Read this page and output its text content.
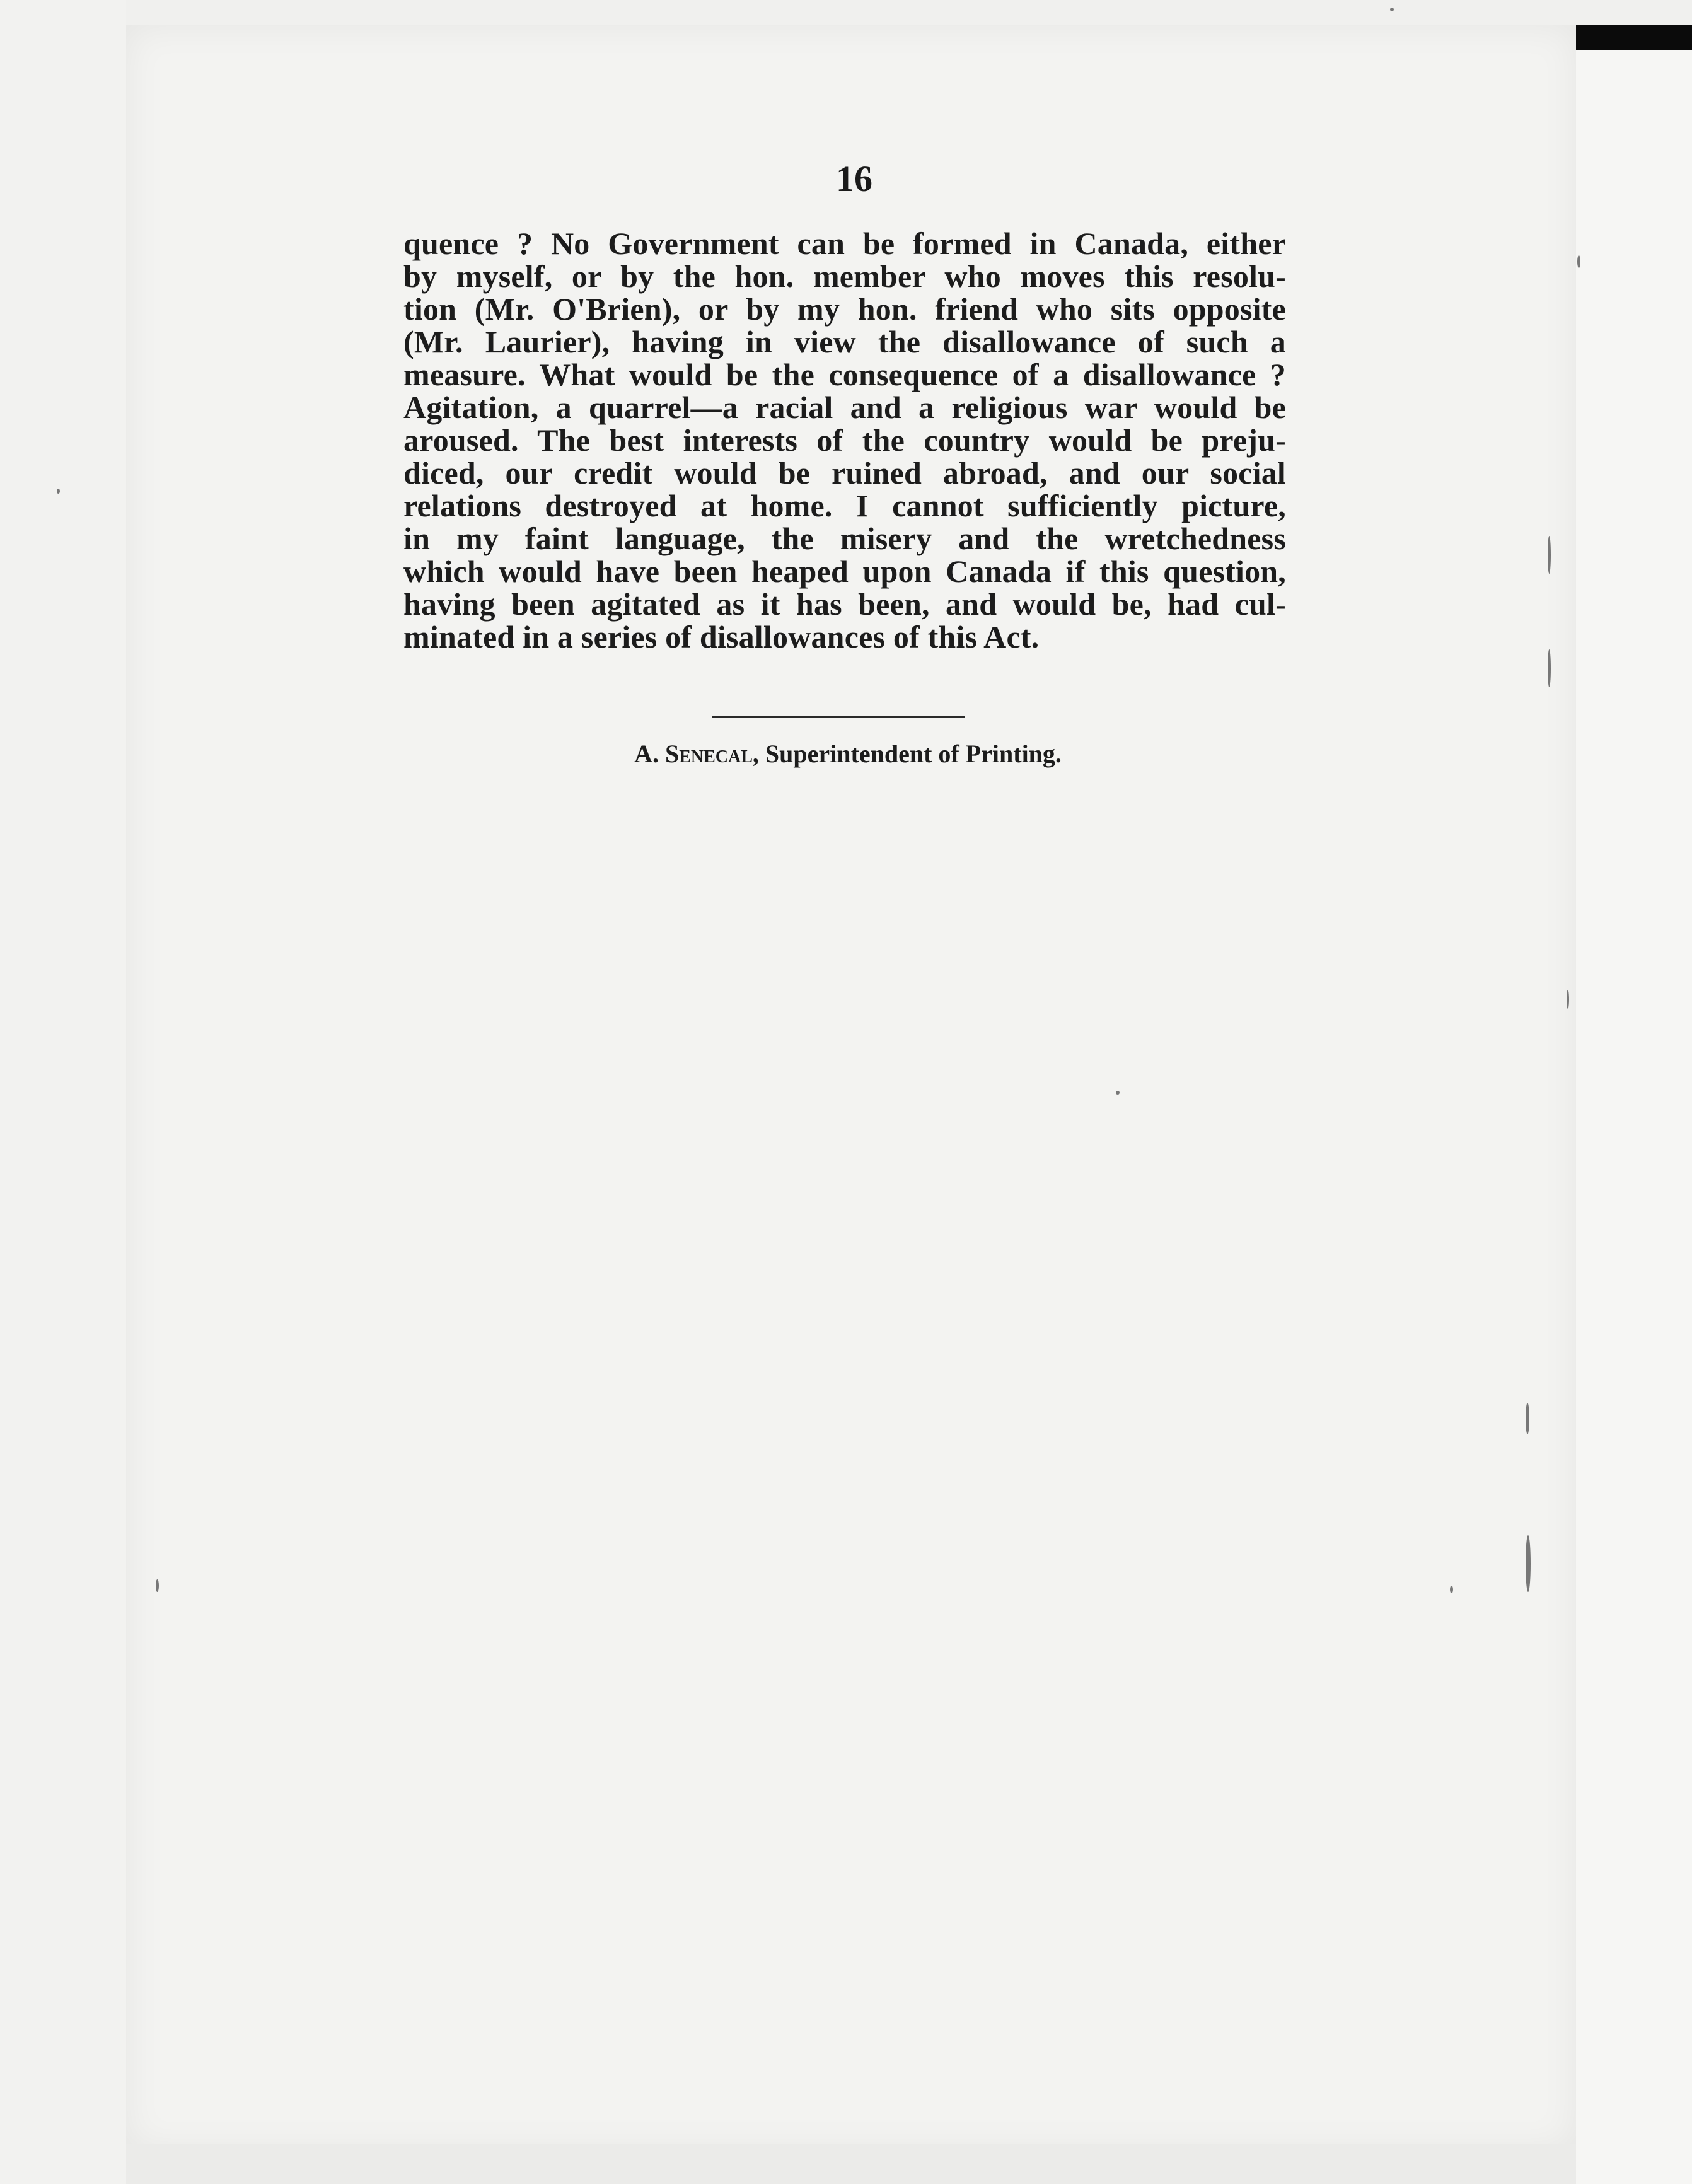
16

quence ? No Government can be formed in Canada, either
by myself, or by the hon. member who moves this resolu-
tion (Mr. O'Brien), or by my hon. friend who sits opposite
(Mr. Laurier), having in view the disallowance of such a
measure. What would be the consequence of a disallowance ?
Agitation, a quarrel—a racial and a religious war would be
aroused. The best interests of the country would be preju-
diced, our credit would be ruined abroad, and our social
relations destroyed at home. I cannot sufficiently picture,
in my faint language, the misery and the wretchedness
which would have been heaped upon Canada if this question,
having been agitated as it has been, and would be, had cul-
minated in a series of disallowances of this Act.

A. Senecal, Superintendent of Printing.
